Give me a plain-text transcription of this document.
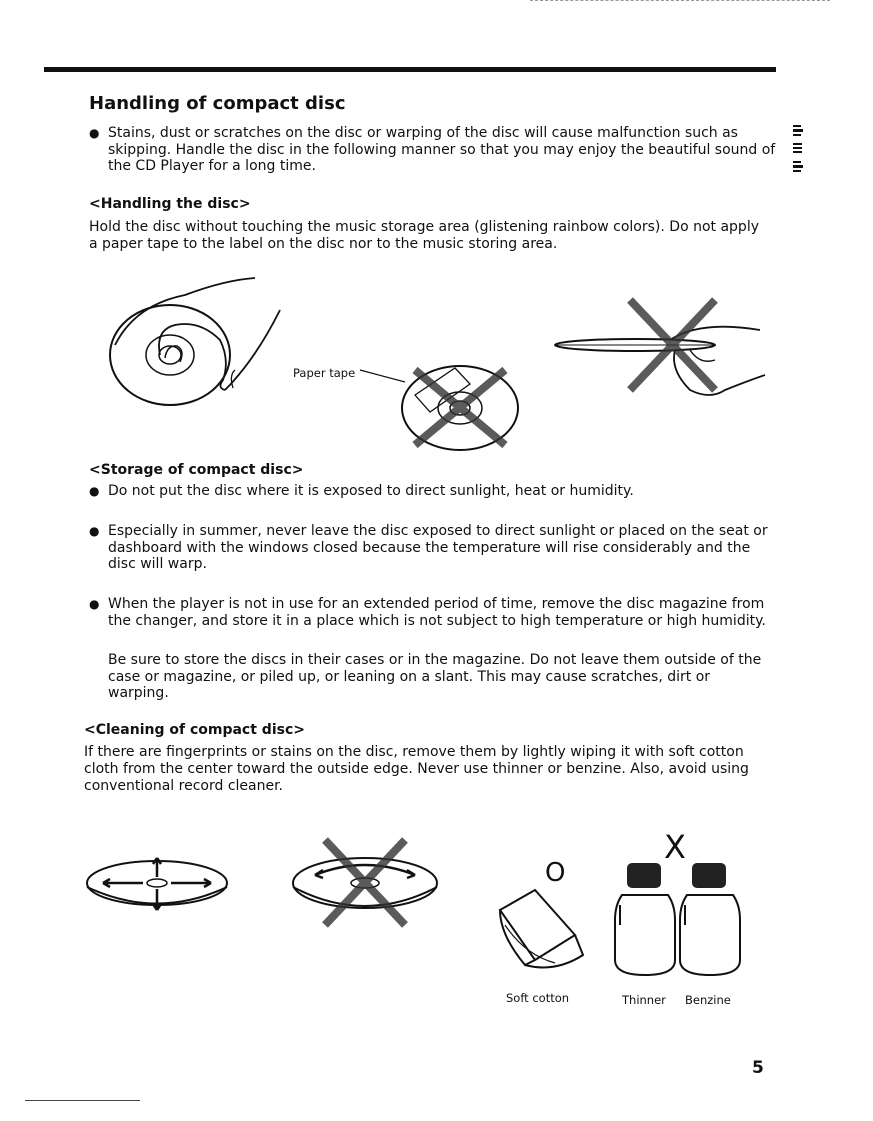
Handling of compact disc
● Stains, dust or scratches on the disc or warping of the disc will cause malfunction such as skipping. Handle the disc in the following manner so that you may enjoy the beautiful sound of the CD Player for a long time.
<Handling the disc>
Hold the disc without touching the music storage area (glistening rainbow colors). Do not apply a paper tape to the label on the disc nor to the music storing area.
Paper tape
<Storage of compact disc>
● Do not put the disc where it is exposed to direct sunlight, heat or humidity.
● Especially in summer, never leave the disc exposed to direct sunlight or placed on the seat or dashboard with the windows closed because the temperature will rise considerably and the disc will warp.
● When the player is not in use for an extended period of time, remove the disc magazine from the changer, and store it in a place which is not subject to high temperature or high humidity.
Be sure to store the discs in their cases or in the magazine. Do not leave them outside of the case or magazine, or piled up, or leaning on a slant. This may cause scratches, dirt or warping.
<Cleaning of compact disc>
If there are fingerprints or stains on the disc, remove them by lightly wiping it with soft cotton cloth from the center toward the outside edge. Never use thinner or benzine. Also, avoid using conventional record cleaner.
O
X
Soft cotton	Thinner Benzine
5
